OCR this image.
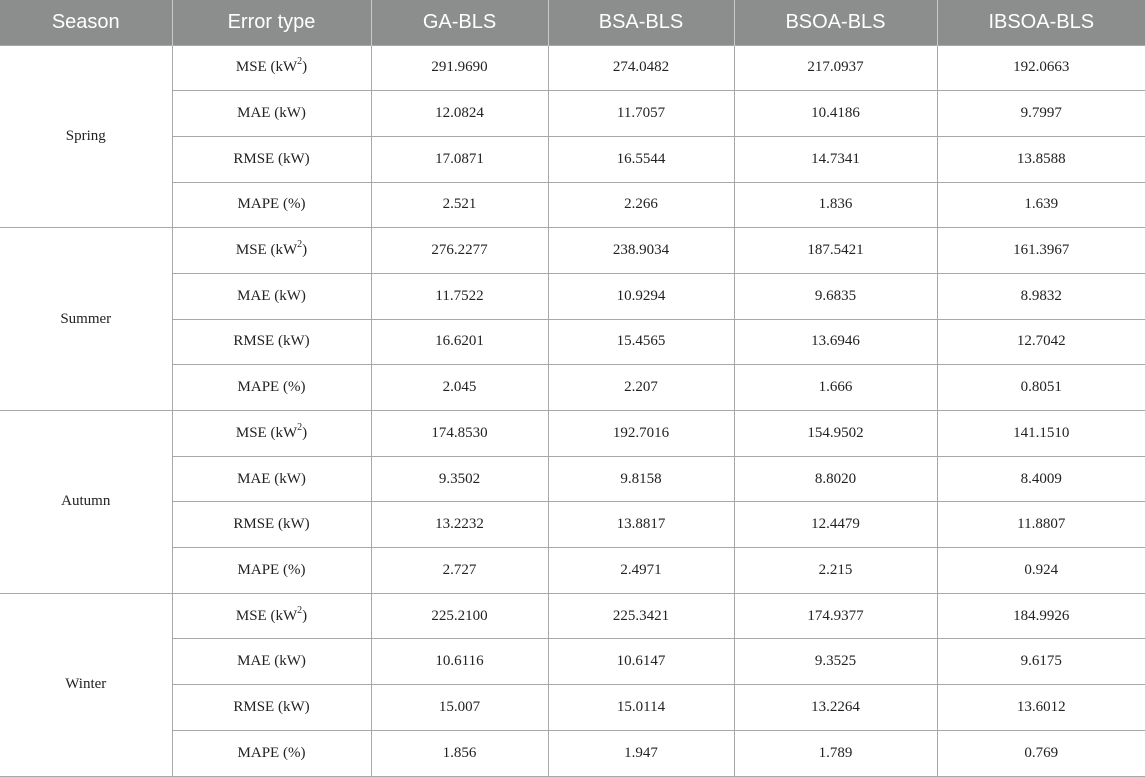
Season	Error type	GA-BLS	BSA-BLS	BSOA-BLS	IBSOA-BLS
Spring	MSE $(kW^2)$	291.9690	274.0482	217.0937	192.0663
	MAE (kW)	12.0824	11.7057	10.4186	9.7997
	RMSE (kW)	17.0871	16.5544	14.7341	13.8588
	MAPE (%)	2.521	2.266	1.836	1.639
Summer	MSE $(kW^2)$	276.2277	238.9034	187.5421	161.3967
	MAE (kW)	11.7522	10.9294	9.6835	8.9832
	RMSE (kW)	16.6201	15.4565	13.6946	12.7042
	MAPE (%)	2.045	2.207	1.666	0.8051
Autumn	MSE $(kW^2)$	174.8530	192.7016	154.9502	141.1510
	MAE (kW)	9.3502	9.8158	8.8020	8.4009
	RMSE (kW)	13.2232	13.8817	12.4479	11.8807
	MAPE (%)	2.727	2.4971	2.215	0.924
Winter	MSE $(kW^2)$	225.2100	225.3421	174.9377	184.9926
	MAE (kW)	10.6116	10.6147	9.3525	9.6175
	RMSE (kW)	15.007	15.0114	13.2264	13.6012
	MAPE (%)	1.856	1.947	1.789	0.769
